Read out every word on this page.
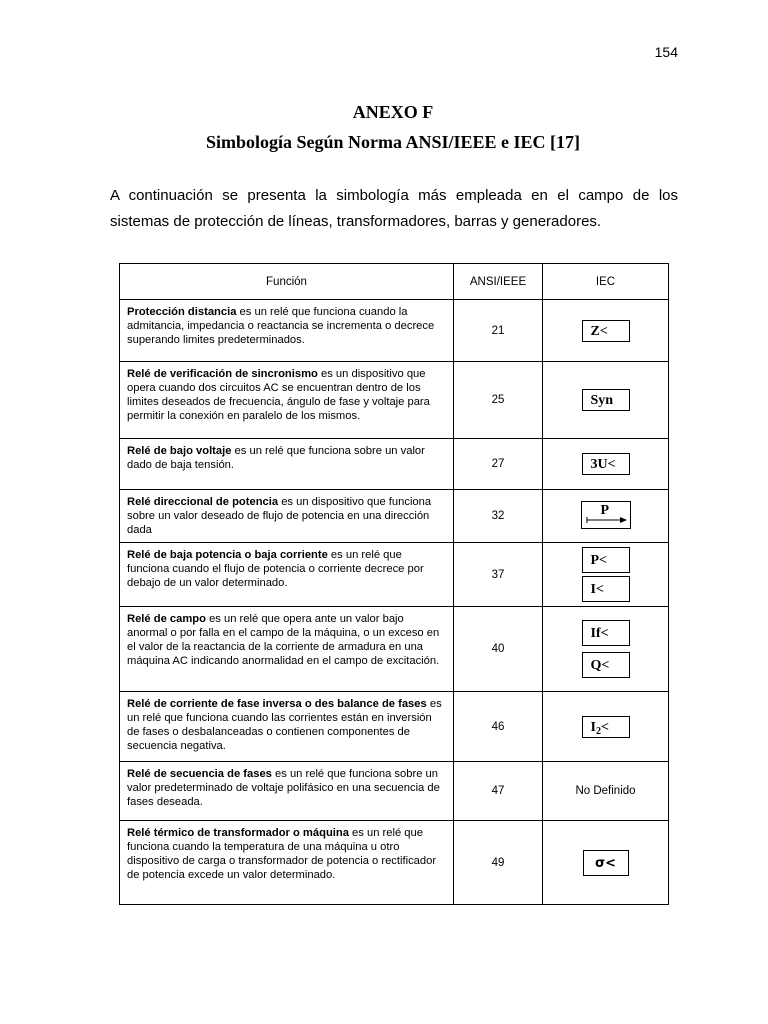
154
ANEXO F
Simbología Según Norma ANSI/IEEE e IEC [17]
A continuación se presenta la simbología más empleada en el campo de los sistemas de protección de líneas, transformadores, barras y generadores.
Función	ANSI/IEEE	IEC
Protección distancia es un relé que funciona cuando la admitancia, impedancia o reactancia se incrementa o decrece superando limites predeterminados.	21	Z<
Relé de verificación de sincronismo es un dispositivo que opera cuando dos circuitos AC se encuentran dentro de los limites deseados de frecuencia, ángulo de fase y voltaje para permitir la conexión en paralelo de los mismos.	25	Syn
Relé de bajo voltaje es un relé que funciona sobre un valor dado de baja tensión.	27	3U<
Relé direccional de potencia es un dispositivo que funciona sobre un valor deseado de flujo de potencia en una dirección dada	32	P

Relé de baja potencia o baja corriente es un relé que funciona cuando el flujo de potencia o corriente decrece por debajo de un valor determinado.	37	P<
I<

Relé de campo es un relé que opera ante un valor bajo anormal o por falla en el campo de la máquina, o un exceso en el valor de la reactancia de la corriente de armadura en una máquina AC indicando anormalidad en el campo de excitación.	40	If<
Q<

Relé de corriente de fase inversa o des balance de fases es un relé que funciona cuando las corrientes están en inversión de fases o desbalanceadas o contienen componentes de secuencia negativa.	46	$I_2<$
Relé de secuencia de fases es un relé que funciona sobre un valor predeterminado de voltaje polifásico en una secuencia de fases deseada.	47	No Definido
Relé térmico de transformador o máquina es un relé que funciona cuando la temperatura de una máquina u otro dispositivo de carga o transformador de potencia o rectificador de potencia excede un valor determinado.	49	σ<
